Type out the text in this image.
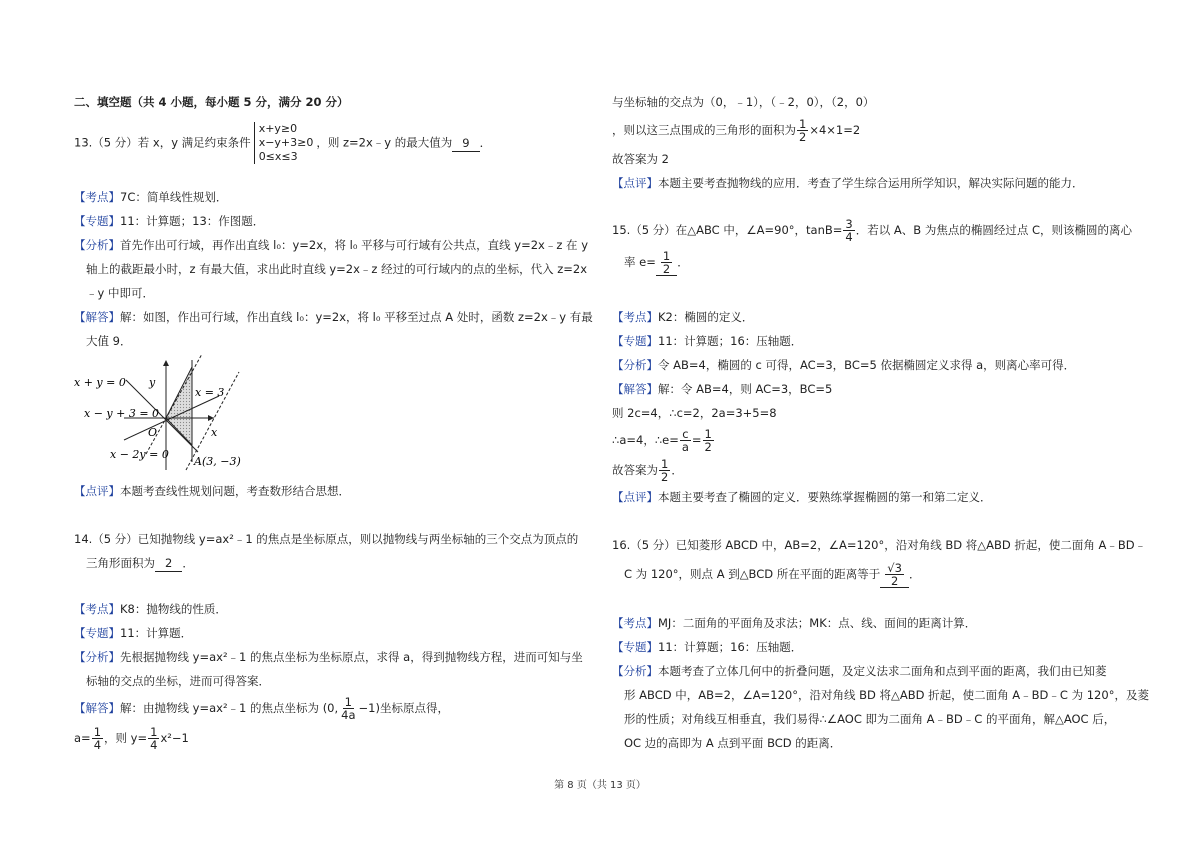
二、填空题（共 4 小题，每小题 5 分，满分 20 分）
13.（5 分）若 x，y 满足约束条件
x+y≥0
x−y+3≥0
0≤x≤3
，则 z=2x﹣y 的最大值为 9 ．
【考点】7C：简单线性规划．
【专题】11：计算题；13：作图题．
【分析】首先作出可行域，再作出直线 l₀：y=2x，将 l₀ 平移与可行域有公共点，直线 y=2x﹣z 在 y
轴上的截距最小时，z 有最大值，求出此时直线 y=2x﹣z 经过的可行域内的点的坐标，代入 z=2x
﹣y 中即可．
【解答】解：如图，作出可行域，作出直线 l₀：y=2x，将 l₀ 平移至过点 A 处时，函数 z=2x﹣y 有最
大值 9．
x + y = 0
x − y + 3 = 0
x − 2y = 0
x = 3
y
x
O
A(3, −3)
【点评】本题考查线性规划问题，考查数形结合思想．
14.（5 分）已知抛物线 y=ax²﹣1 的焦点是坐标原点，则以抛物线与两坐标轴的三个交点为顶点的
三角形面积为 2 ．
【考点】K8：抛物线的性质．
【专题】11：计算题．
【分析】先根据抛物线 y=ax²﹣1 的焦点坐标为坐标原点，求得 a，得到抛物线方程，进而可知与坐
标轴的交点的坐标，进而可得答案．
【解答】解：由抛物线 y=ax²﹣1 的焦点坐标为 (0, $\frac{1}{4a} -1$)坐标原点得，
$a= \frac{1}{4}$ ，则 $y= \frac{1}{4} x^2-1$
与坐标轴的交点为（0，﹣1），（﹣2，0），（2，0）
，则以这三点围成的三角形的面积为 $\frac{1}{2} \times 4\times 1=2$
故答案为 2
【点评】本题主要考查抛物线的应用．考查了学生综合运用所学知识，解决实际问题的能力．
15.（5 分）在△ABC 中，∠A=90°，$\tan B= \frac{3}{4}$ ．若以 A、B 为焦点的椭圆经过点 C，则该椭圆的离心
率 $e= \frac{1}{2}$ ．
【考点】K2：椭圆的定义．
【专题】11：计算题；16：压轴题．
【分析】令 AB=4，椭圆的 c 可得，AC=3，BC=5 依据椭圆定义求得 a，则离心率可得．
【解答】解：令 AB=4，则 AC=3，BC=5
则 2c=4，∴c=2，2a=3+5=8
∴a=4，∴e= $\frac{c}{a} = \frac{1}{2}$
故答案为 $\frac{1}{2}$ ．
【点评】本题主要考查了椭圆的定义．要熟练掌握椭圆的第一和第二定义．
16.（5 分）已知菱形 ABCD 中，AB=2，∠A=120°，沿对角线 BD 将△ABD 折起，使二面角 A﹣BD﹣
C 为 120°，则点 A 到△BCD 所在平面的距离等于 $\frac{√3}{2}$ ．
【考点】MJ：二面角的平面角及求法；MK：点、线、面间的距离计算．
【专题】11：计算题；16：压轴题．
【分析】本题考查了立体几何中的折叠问题，及定义法求二面角和点到平面的距离，我们由已知菱
形 ABCD 中，AB=2，∠A=120°，沿对角线 BD 将△ABD 折起，使二面角 A﹣BD﹣C 为 120°，及菱
形的性质；对角线互相垂直，我们易得∴∠AOC 即为二面角 A﹣BD﹣C 的平面角，解△AOC 后，
OC 边的高即为 A 点到平面 BCD 的距离．
第 8 页（共 13 页）
